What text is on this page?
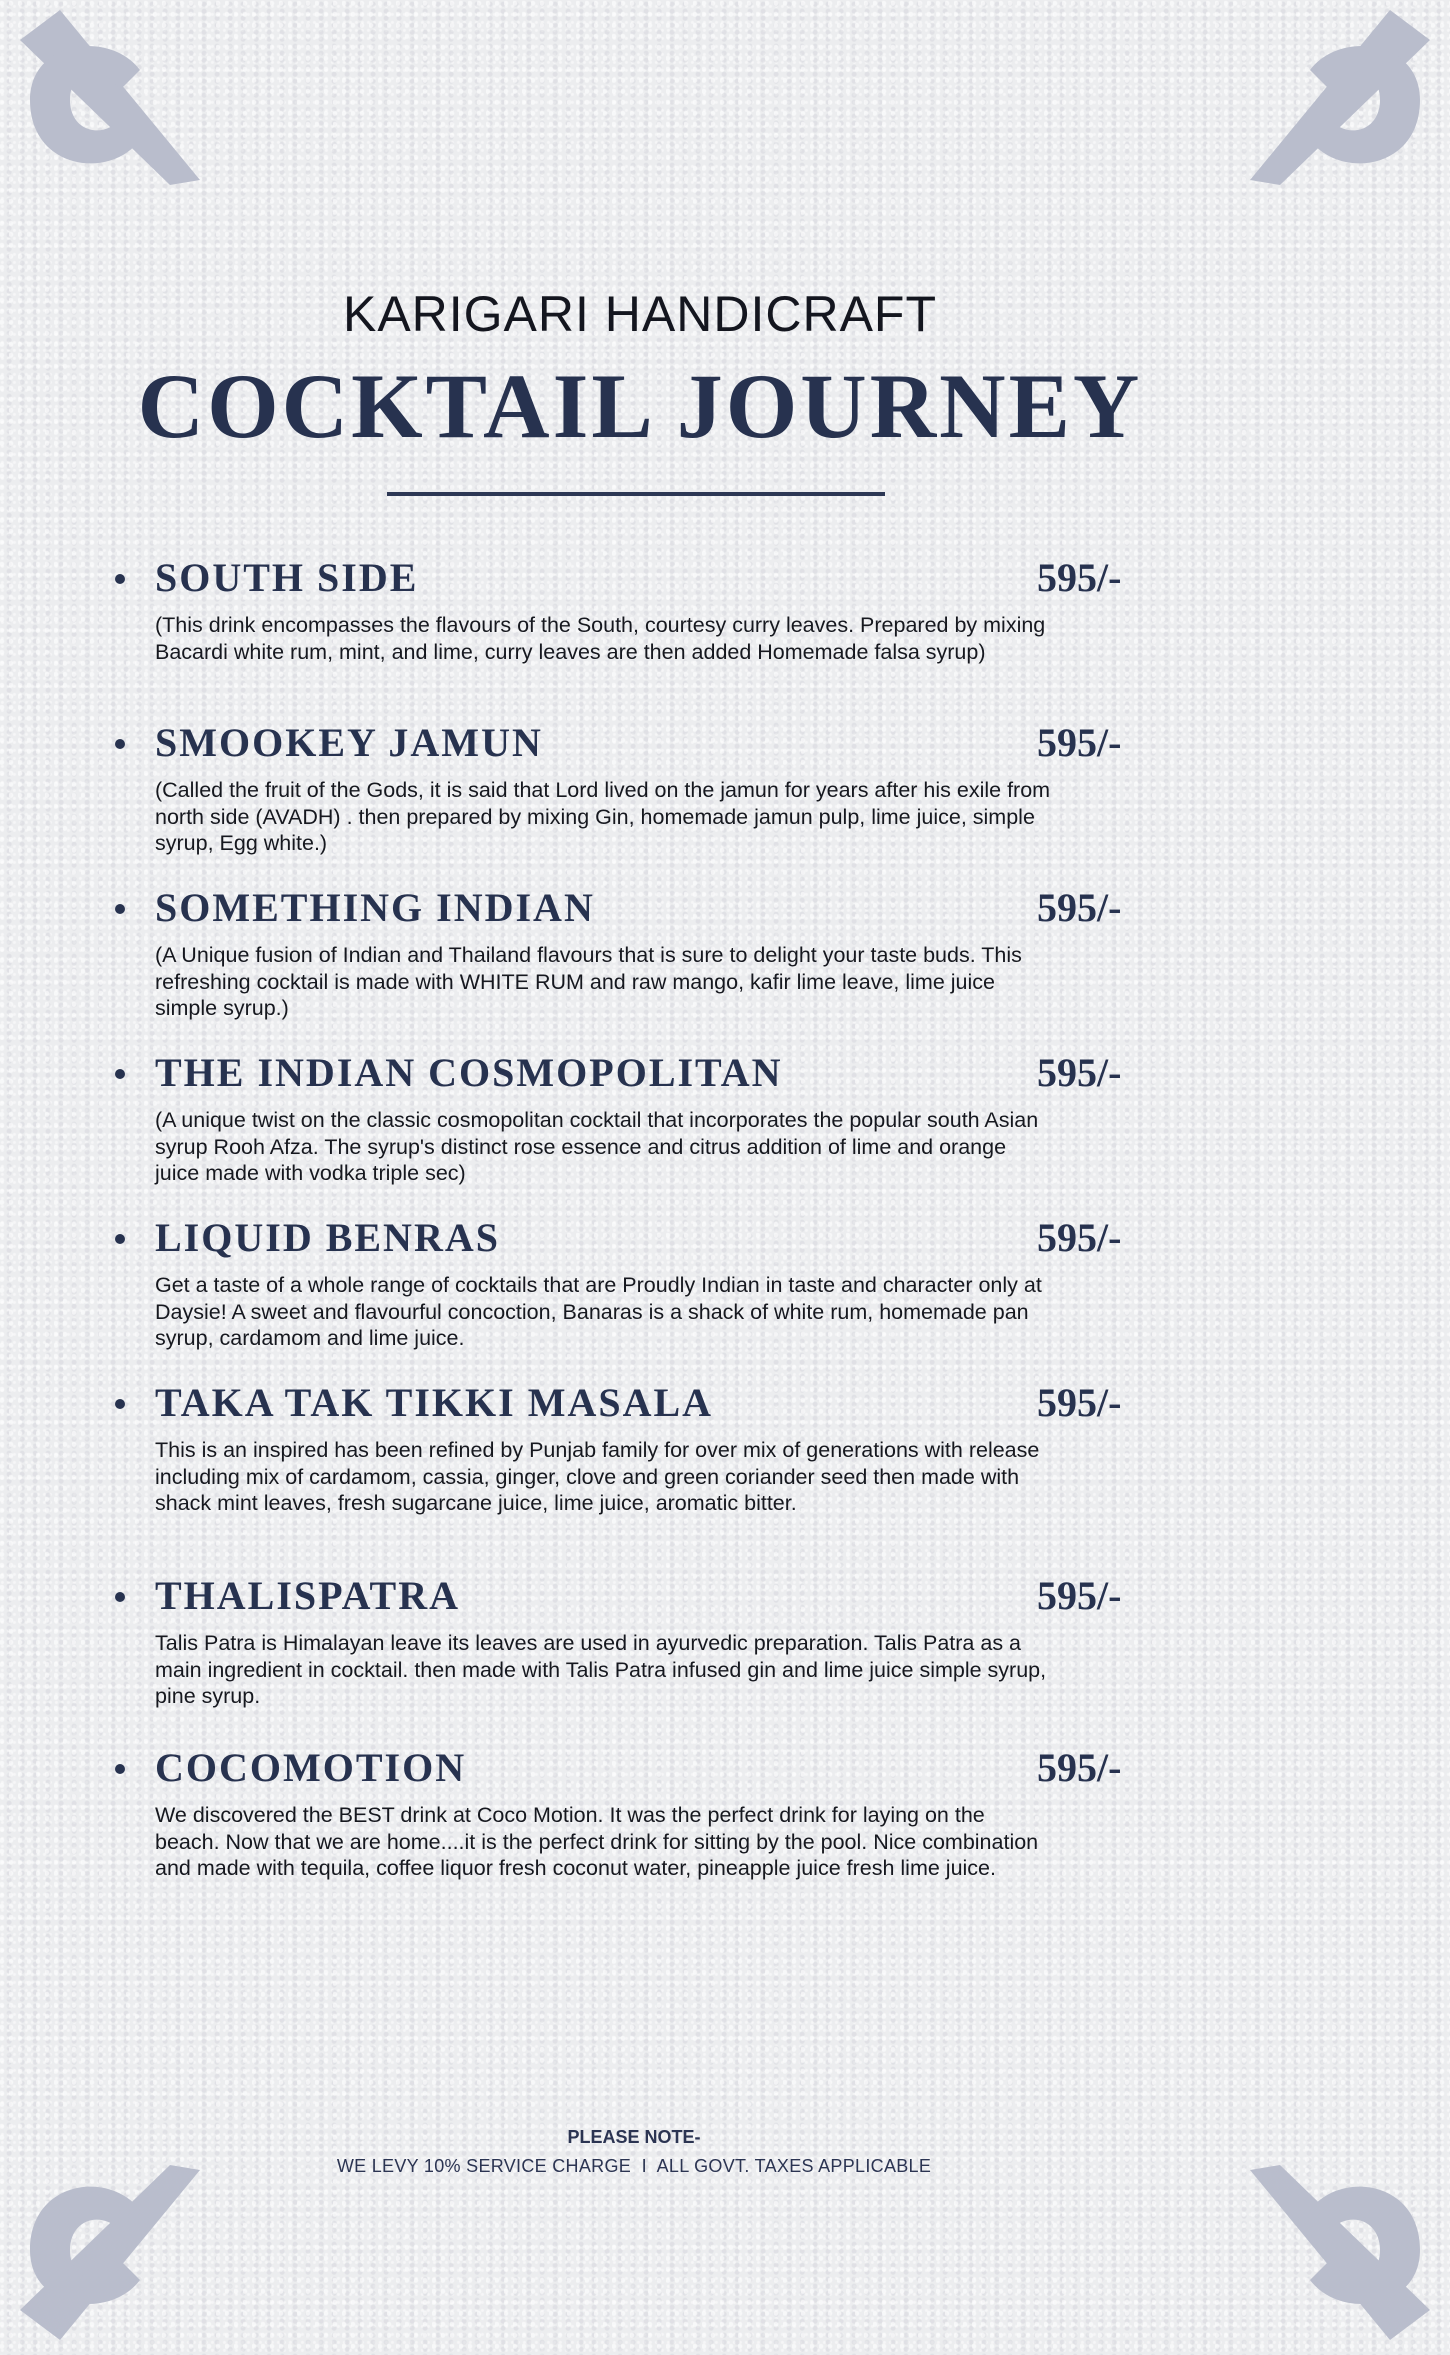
KARIGARI HANDICRAFT
COCKTAIL JOURNEY
SOUTH SIDE	595/-
(This drink encompasses the flavours of the South, courtesy curry leaves. Prepared by mixing Bacardi white rum, mint, and lime, curry leaves are then added Homemade falsa syrup)
SMOOKEY JAMUN	595/-
(Called the fruit of the Gods, it is said that Lord lived on the jamun for years after his exile from north side (AVADH) . then prepared by mixing Gin, homemade jamun pulp, lime juice, simple syrup, Egg white.)
SOMETHING INDIAN	595/-
(A Unique fusion of Indian and Thailand flavours that is sure to delight your taste buds. This refreshing cocktail is made with WHITE RUM and raw mango, kafir lime leave, lime juice simple syrup.)
THE INDIAN COSMOPOLITAN	595/-
(A unique twist on the classic cosmopolitan cocktail that incorporates the popular south Asian syrup Rooh Afza. The syrup's distinct rose essence and citrus addition of lime and orange juice made with vodka triple sec)
LIQUID BENRAS	595/-
Get a taste of a whole range of cocktails that are Proudly Indian in taste and character only at Daysie! A sweet and flavourful concoction, Banaras is a shack of white rum, homemade pan syrup, cardamom and lime juice.
TAKA TAK TIKKI MASALA	595/-
This is an inspired has been refined by Punjab family for over mix of generations with release including mix of cardamom, cassia, ginger, clove and green coriander seed then made with shack mint leaves, fresh sugarcane juice, lime juice, aromatic bitter.
THALISPATRA	595/-
Talis Patra is Himalayan leave its leaves are used in ayurvedic preparation. Talis Patra as a main ingredient in cocktail. then made with Talis Patra infused gin and lime juice simple syrup, pine syrup.
COCOMOTION	595/-
We discovered the BEST drink at Coco Motion. It was the perfect drink for laying on the beach. Now that we are home....it is the perfect drink for sitting by the pool. Nice combination and made with tequila, coffee liquor fresh coconut water, pineapple juice fresh lime juice.
PLEASE NOTE-
WE LEVY 10% SERVICE CHARGE  I  ALL GOVT. TAXES APPLICABLE
